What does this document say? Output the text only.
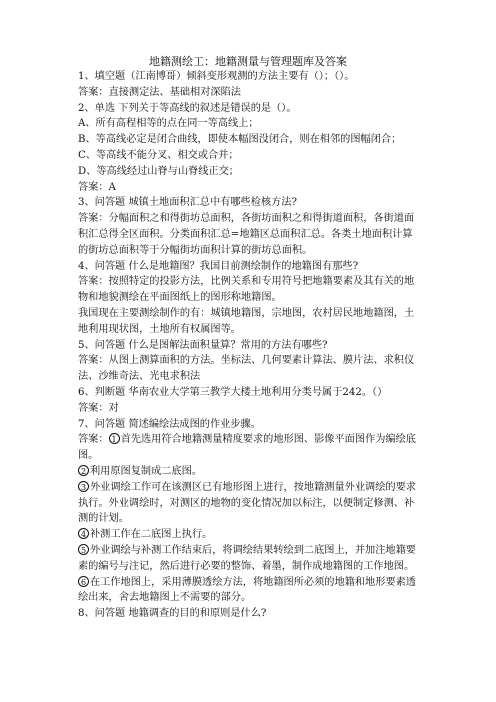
地籍测绘工：地籍测量与管理题库及答案

1、填空题（江南博哥）倾斜变形观测的方法主要有（）；（）。

答案：直接测定法、基础相对深陷法

2、单选 下列关于等高线的叙述是错误的是（）。

A、所有高程相等的点在同一等高线上；

B、等高线必定是闭合曲线，即使本幅图没闭合，则在相邻的图幅闭合；

C、等高线不能分叉、相交或合并；

D、等高线经过山脊与山脊线正交；

答案：A

3、问答题 城镇土地面积汇总中有哪些检核方法?

答案：分幅面积之和得街坊总面积，各街坊面积之和得街道面积，各街道面积汇总得全区面积。分类面积汇总=地籍区总面积汇总。各类土地面积计算的街坊总面积等于分幅街坊面积计算的街坊总面积。

4、问答题 什么是地籍图？我国目前测绘制作的地籍图有那些?

答案：按照特定的投影方法，比例关系和专用符号把地籍要素及其有关的地物和地貌测绘在平面图纸上的图形称地籍图。

我国现在主要测绘制作的有：城镇地籍图，宗地图，农村居民地地籍图，土地利用现状图，土地所有权属图等。

5、问答题 什么是图解法面积量算？常用的方法有哪些?

答案：从图上测算面积的方法。坐标法、几何要素计算法、膜片法、求积仪法、沙维奇法、光电求积法

6、判断题 华南农业大学第三教学大楼土地利用分类号属于242。（）

答案：对

7、问答题 简述编绘法成图的作业步骤。

答案： 1 首先选用符合地籍测量精度要求的地形图、影像平面图作为编绘底图。

2 利用原图复制成二底图。

3 外业调绘工作可在该测区已有地形图上进行，按地籍测量外业调绘的要求执行。外业调绘时，对测区的地物的变化情况加以标注，以便制定修测、补测的计划。

4 补测工作在二底图上执行。

5 外业调绘与补测工作结束后，将调绘结果转绘到二底图上，并加注地籍要素的编号与注记，然后进行必要的整饰、着墨，制作成地籍图的工作地图。

6 在工作地图上，采用薄膜透绘方法，将地籍图所必须的地籍和地形要素透绘出来，舍去地籍图上不需要的部分。

8、问答题 地籍调查的目的和原则是什么?
